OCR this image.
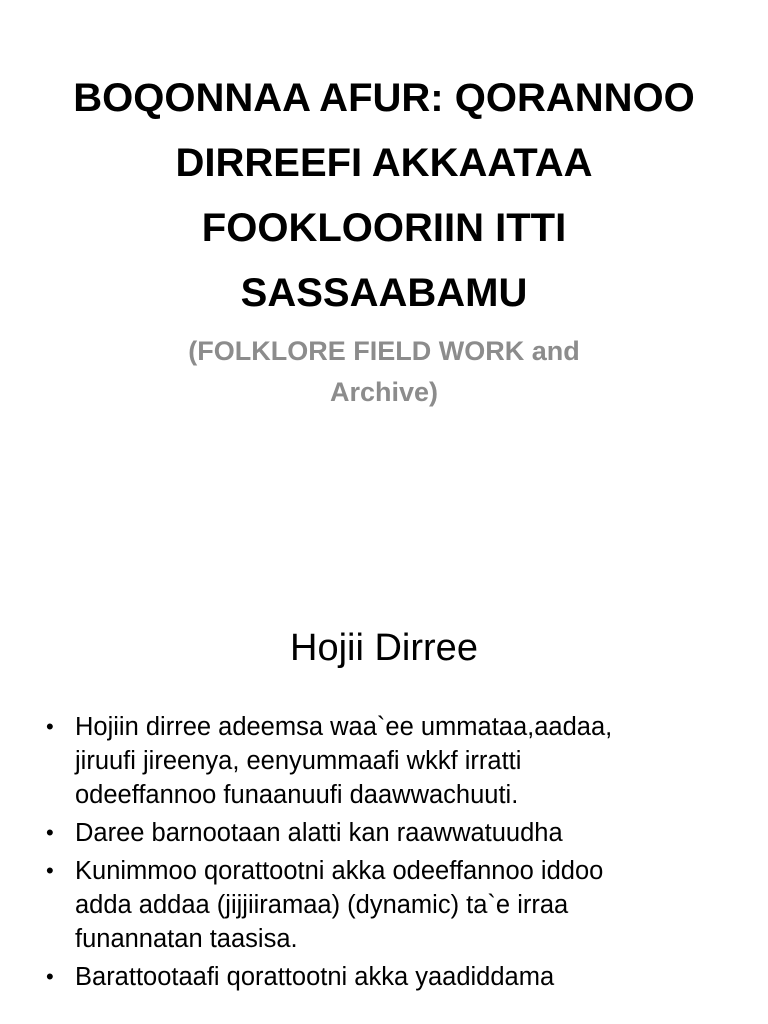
BOQONNAA AFUR: QORANNOO
DIRREEFI AKKAATAA
FOOKLOORIIN ITTI
SASSAABAMU

(FOLKLORE FIELD WORK and
Archive)

Hojii Dirree
• Hojiin dirree adeemsa waa`ee ummataa,aadaa,
jiruufi jireenya, eenyummaafi wkkf irratti
odeeffannoo funaanuufi daawwachuuti.
• Daree barnootaan alatti kan raawwatuudha
• Kunimmoo qorattootni akka odeeffannoo iddoo
adda addaa (jijjiiramaa) (dynamic) ta`e irraa
funannatan taasisa.
• Barattootaafi qorattootni akka yaadiddama
